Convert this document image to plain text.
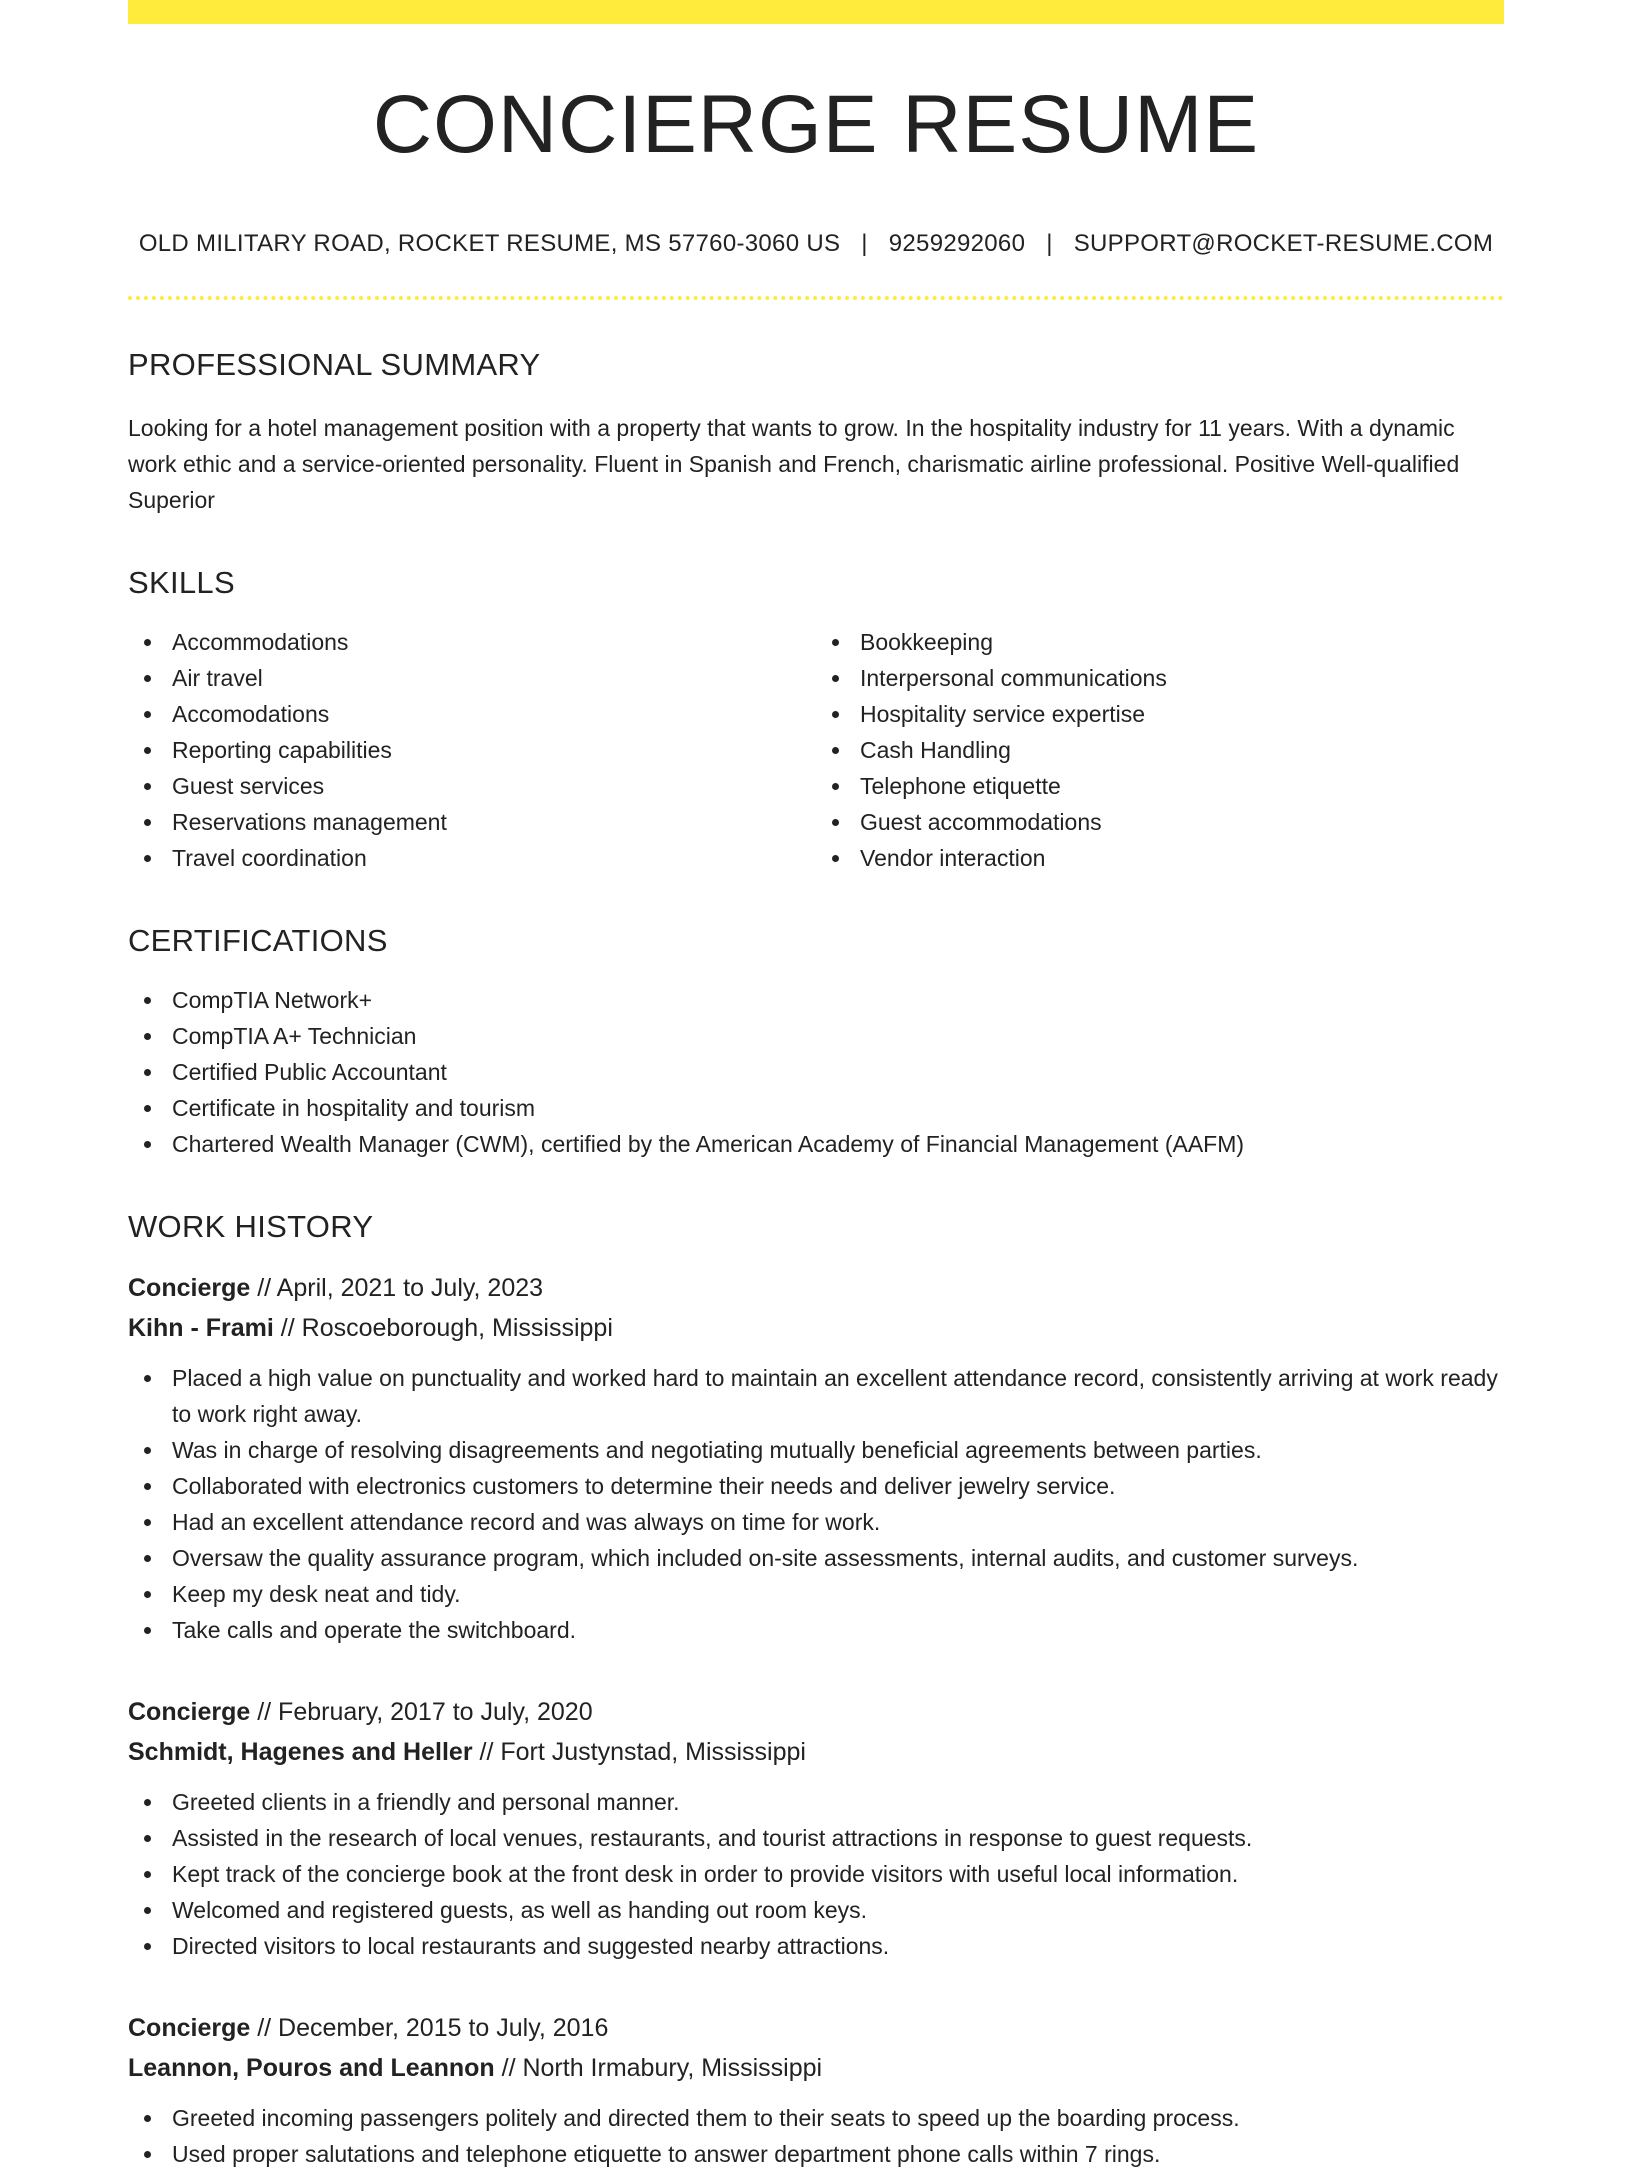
CONCIERGE RESUME
OLD MILITARY ROAD, ROCKET RESUME, MS 57760-3060 US | 9259292060 | SUPPORT@ROCKET-RESUME.COM
PROFESSIONAL SUMMARY

Looking for a hotel management position with a property that wants to grow. In the hospitality industry for 11 years. With a dynamic work ethic and a service-oriented personality. Fluent in Spanish and French, charismatic airline professional. Positive Well-qualified Superior

SKILLS
Accommodations
Air travel
Accomodations
Reporting capabilities
Guest services
Reservations management
Travel coordination
Bookkeeping
Interpersonal communications
Hospitality service expertise
Cash Handling
Telephone etiquette
Guest accommodations
Vendor interaction
CERTIFICATIONS
CompTIA Network+
CompTIA A+ Technician
Certified Public Accountant
Certificate in hospitality and tourism
Chartered Wealth Manager (CWM), certified by the American Academy of Financial Management (AAFM)
WORK HISTORY
Concierge // April, 2021 to July, 2023
Kihn - Frami // Roscoeborough, Mississippi
Placed a high value on punctuality and worked hard to maintain an excellent attendance record, consistently arriving at work ready to work right away.
Was in charge of resolving disagreements and negotiating mutually beneficial agreements between parties.
Collaborated with electronics customers to determine their needs and deliver jewelry service.
Had an excellent attendance record and was always on time for work.
Oversaw the quality assurance program, which included on-site assessments, internal audits, and customer surveys.
Keep my desk neat and tidy.
Take calls and operate the switchboard.
Concierge // February, 2017 to July, 2020
Schmidt, Hagenes and Heller // Fort Justynstad, Mississippi
Greeted clients in a friendly and personal manner.
Assisted in the research of local venues, restaurants, and tourist attractions in response to guest requests.
Kept track of the concierge book at the front desk in order to provide visitors with useful local information.
Welcomed and registered guests, as well as handing out room keys.
Directed visitors to local restaurants and suggested nearby attractions.
Concierge // December, 2015 to July, 2016
Leannon, Pouros and Leannon // North Irmabury, Mississippi
Greeted incoming passengers politely and directed them to their seats to speed up the boarding process.
Used proper salutations and telephone etiquette to answer department phone calls within 7 rings.
